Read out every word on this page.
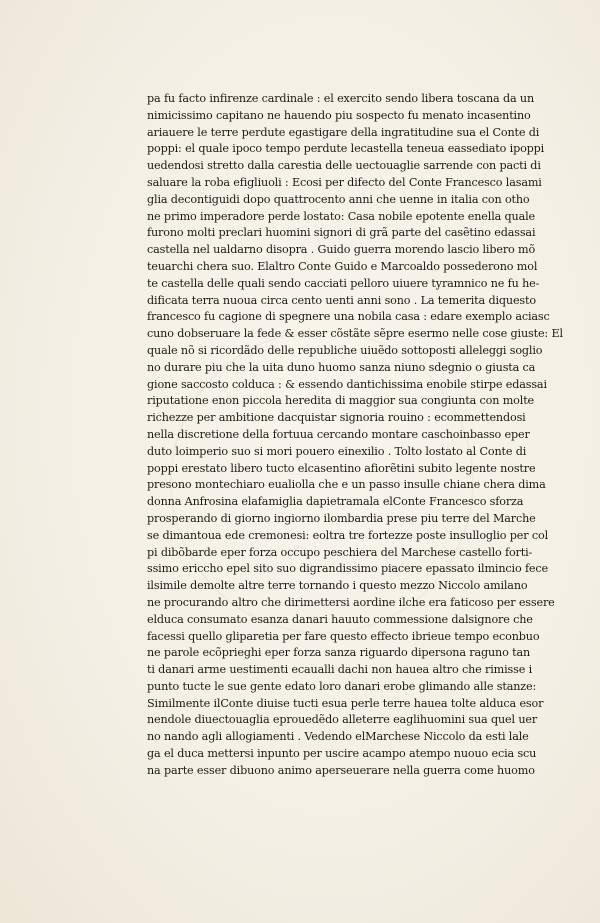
pa fu facto infirenze cardinale : el exercito sendo libera toscana da un
nimicissimo capitano ne hauendo piu sospecto fu menato incasentino
ariauere le terre perdute egastigare della ingratitudine sua el Conte di
poppi: el quale ipoco tempo perdute lecastella teneua eassediato ipoppi
uedendosi stretto dalla carestia delle uectouaglie sarrende con pacti di
saluare la roba efigliuoli : Ecosi per difecto del Conte Francesco lasami
glia decontiguidi dopo quattrocento anni che uenne in italia con otho
ne primo imperadore perde lostato: Casa nobile epotente enella quale
furono molti preclari huomini signori di grã parte del casẽtino edassai
castella nel ualdarno disopra . Guido guerra morendo lascio libero mõ
teuarchi chera suo. Elaltro Conte Guido e Marcoaldo possederono mol
te castella delle quali sendo cacciati pelloro uiuere tyramnico ne fu he-
dificata terra nuoua circa cento uenti anni sono . La temerita diquesto
francesco fu cagione di spegnere una nobila casa : edare exemplo aciasc
cuno dobseruare la fede & esser cõstãte sẽpre esermo nelle cose giuste: El
quale nõ si ricordãdo delle republiche uiuẽdo sottoposti alleleggi soglio
no durare piu che la uita duno huomo sanza niuno sdegnio o giusta ca
gione saccosto colduca : & essendo dantichissima enobile stirpe edassai
riputatione enon piccola heredita di maggior sua congiunta con molte
richezze per ambitione dacquistar signoria rouino : ecommettendosi
nella discretione della fortuua cercando montare caschoinbasso eper
duto loimperio suo si mori pouero einexilio . Tolto lostato al Conte di
poppi erestato libero tucto elcasentino afiorẽtini subito legente nostre
presono montechiaro eualiolla che e un passo insulle chiane chera dima
donna Anfrosina elafamiglia dapietramala elConte Francesco sforza
prosperando di giorno ingiorno ilombardia prese piu terre del Marche
se dimantoua ede cremonesi: eoltra tre fortezze poste insulloglio per col
pi dibõbarde eper forza occupo peschiera del Marchese castello forti-
ssimo ericcho epel sito suo digrandissimo piacere epassato ilmincio fece
ilsimile demolte altre terre tornando i questo mezzo Niccolo amilano
ne procurando altro che dirimettersi aordine ilche era faticoso per essere
elduca consumato esanza danari hauuto commessione dalsignore che
facessi quello gliparetia per fare questo effecto ibrieue tempo econbuo
ne parole ecõprieghi eper forza sanza riguardo dipersona raguno tan
ti danari arme uestimenti ecaualli dachi non hauea altro che rimisse i
punto tucte le sue gente edato loro danari erobe glimando alle stanze:
Similmente ilConte diuise tucti esua perle terre hauea tolte alduca esor
nendole diuectouaglia eprouedẽdo alleterre eaglihuomini sua quel uer
no nando agli allogiamenti . Vedendo elMarchese Niccolo da esti lale
ga el duca mettersi inpunto per uscire acampo atempo nuouo ecia scu
na parte esser dibuono animo aperseuerare nella guerra come huomo
